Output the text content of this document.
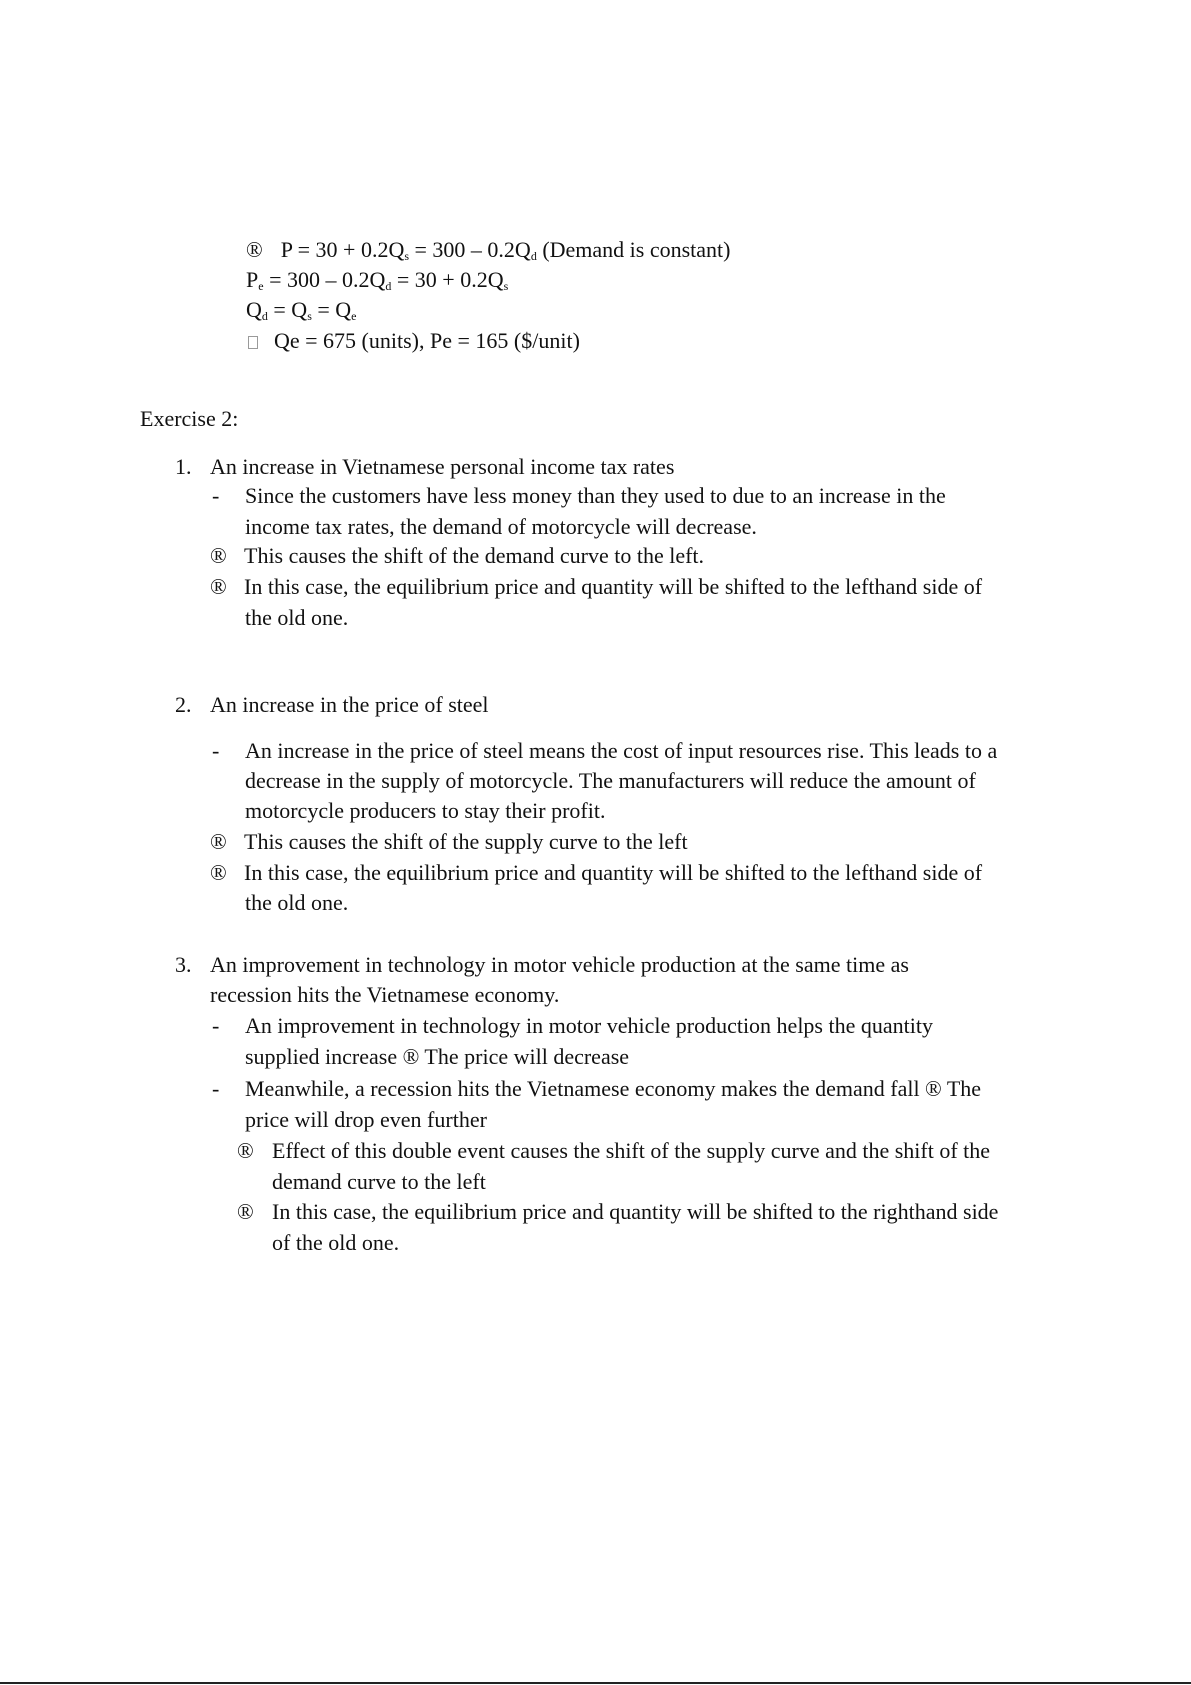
® $P = 30 + 0.2Q_s = 300 - 0.2Q_d$ (Demand is constant)
$P_e = 300 - 0.2Q_d = 30 + 0.2Q_s$
$Q_d = Q_s = Q_e$
Qe = 675 (units), Pe = 165 ($/unit)
Exercise 2:
1. An increase in Vietnamese personal income tax rates
- Since the customers have less money than they used to due to an increase in the
income tax rates, the demand of motorcycle will decrease.
® This causes the shift of the demand curve to the left.
® In this case, the equilibrium price and quantity will be shifted to the lefthand side of
the old one.
2. An increase in the price of steel
- An increase in the price of steel means the cost of input resources rise. This leads to a
decrease in the supply of motorcycle. The manufacturers will reduce the amount of
motorcycle producers to stay their profit.
® This causes the shift of the supply curve to the left
® In this case, the equilibrium price and quantity will be shifted to the lefthand side of
the old one.
3. An improvement in technology in motor vehicle production at the same time as
recession hits the Vietnamese economy.
- An improvement in technology in motor vehicle production helps the quantity
supplied increase ® The price will decrease
- Meanwhile, a recession hits the Vietnamese economy makes the demand fall ® The
price will drop even further
® Effect of this double event causes the shift of the supply curve and the shift of the
demand curve to the left
® In this case, the equilibrium price and quantity will be shifted to the righthand side
of the old one.
